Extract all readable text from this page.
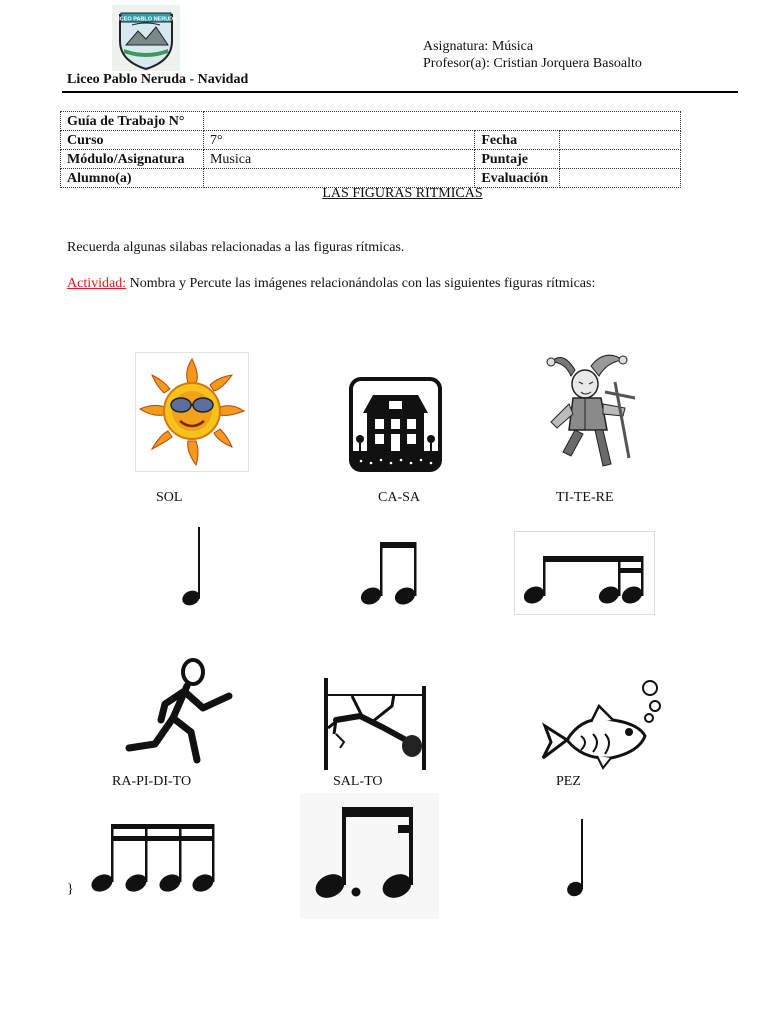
LICEO PABLO NERUDA
Asignatura: Música
Profesor(a): Cristian Jorquera Basoalto
Liceo Pablo Neruda - Navidad
Guía de Trabajo N°			
Curso	7°	Fecha	
Módulo/Asignatura	Musica	Puntaje	
Alumno(a)		Evaluación	
LAS FIGURAS RITMICAS
Recuerda algunas silabas relacionadas a las figuras rítmicas.
Actividad: Nombra y Percute las imágenes relacionándolas con las siguientes figuras rítmicas:
SOL	CA-SA	TI-TE-RE
RA-PI-DI-TO	SAL-TO	PEZ
}
